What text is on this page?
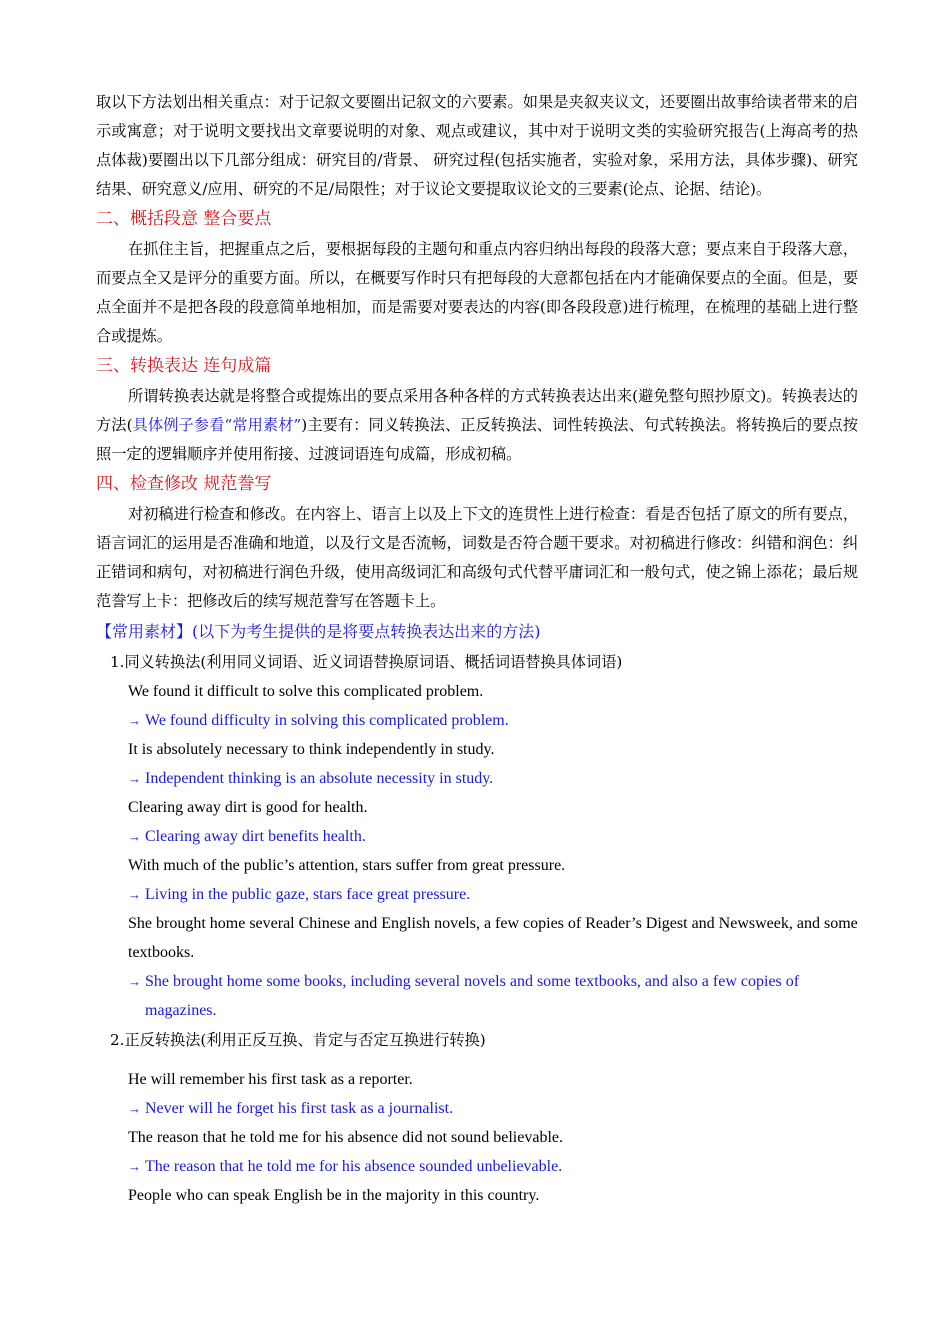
取以下方法划出相关重点：对于记叙文要圈出记叙文的六要素。如果是夹叙夹议文，还要圈出故事给读者带来的启示或寓意；对于说明文要找出文章要说明的对象、观点或建议，其中对于说明文类的实验研究报告(上海高考的热点体裁)要圈出以下几部分组成：研究目的/背景、 研究过程(包括实施者，实验对象，采用方法，具体步骤)、研究结果、研究意义/应用、研究的不足/局限性；对于议论文要提取议论文的三要素(论点、论据、结论)。

二、概括段意 整合要点

在抓住主旨，把握重点之后，要根据每段的主题句和重点内容归纳出每段的段落大意；要点来自于段落大意，而要点全又是评分的重要方面。所以，在概要写作时只有把每段的大意都包括在内才能确保要点的全面。但是，要点全面并不是把各段的段意简单地相加，而是需要对要表达的内容(即各段段意)进行梳理，在梳理的基础上进行整合或提炼。

三、转换表达 连句成篇

所谓转换表达就是将整合或提炼出的要点采用各种各样的方式转换表达出来(避免整句照抄原文)。转换表达的方法(具体例子参看“常用素材”)主要有：同义转换法、正反转换法、词性转换法、句式转换法。将转换后的要点按照一定的逻辑顺序并使用衔接、过渡词语连句成篇，形成初稿。

四、检查修改 规范誊写

对初稿进行检查和修改。在内容上、语言上以及上下文的连贯性上进行检查：看是否包括了原文的所有要点，语言词汇的运用是否准确和地道，以及行文是否流畅，词数是否符合题干要求。对初稿进行修改：纠错和润色：纠正错词和病句，对初稿进行润色升级，使用高级词汇和高级句式代替平庸词汇和一般句式，使之锦上添花；最后规范誊写上卡：把修改后的续写规范誊写在答题卡上。

【常用素材】(以下为考生提供的是将要点转换表达出来的方法)

1.同义转换法(利用同义词语、近义词语替换原词语、概括词语替换具体词语)

We found it difficult to solve this complicated problem.

→ We found difficulty in solving this complicated problem.

It is absolutely necessary to think independently in study.

→ Independent thinking is an absolute necessity in study.

Clearing away dirt is good for health.

→ Clearing away dirt benefits health.

With much of the public’s attention, stars suffer from great pressure.

→ Living in the public gaze, stars face great pressure.

She brought home several Chinese and English novels, a few copies of Reader’s Digest and Newsweek, and some textbooks.

→ She brought home some books, including several novels and some textbooks, and also a few copies of magazines.

2.正反转换法(利用正反互换、肯定与否定互换进行转换)

He will remember his first task as a reporter.

→ Never will he forget his first task as a journalist.

The reason that he told me for his absence did not sound believable.

→ The reason that he told me for his absence sounded unbelievable.

People who can speak English be in the majority in this country.
